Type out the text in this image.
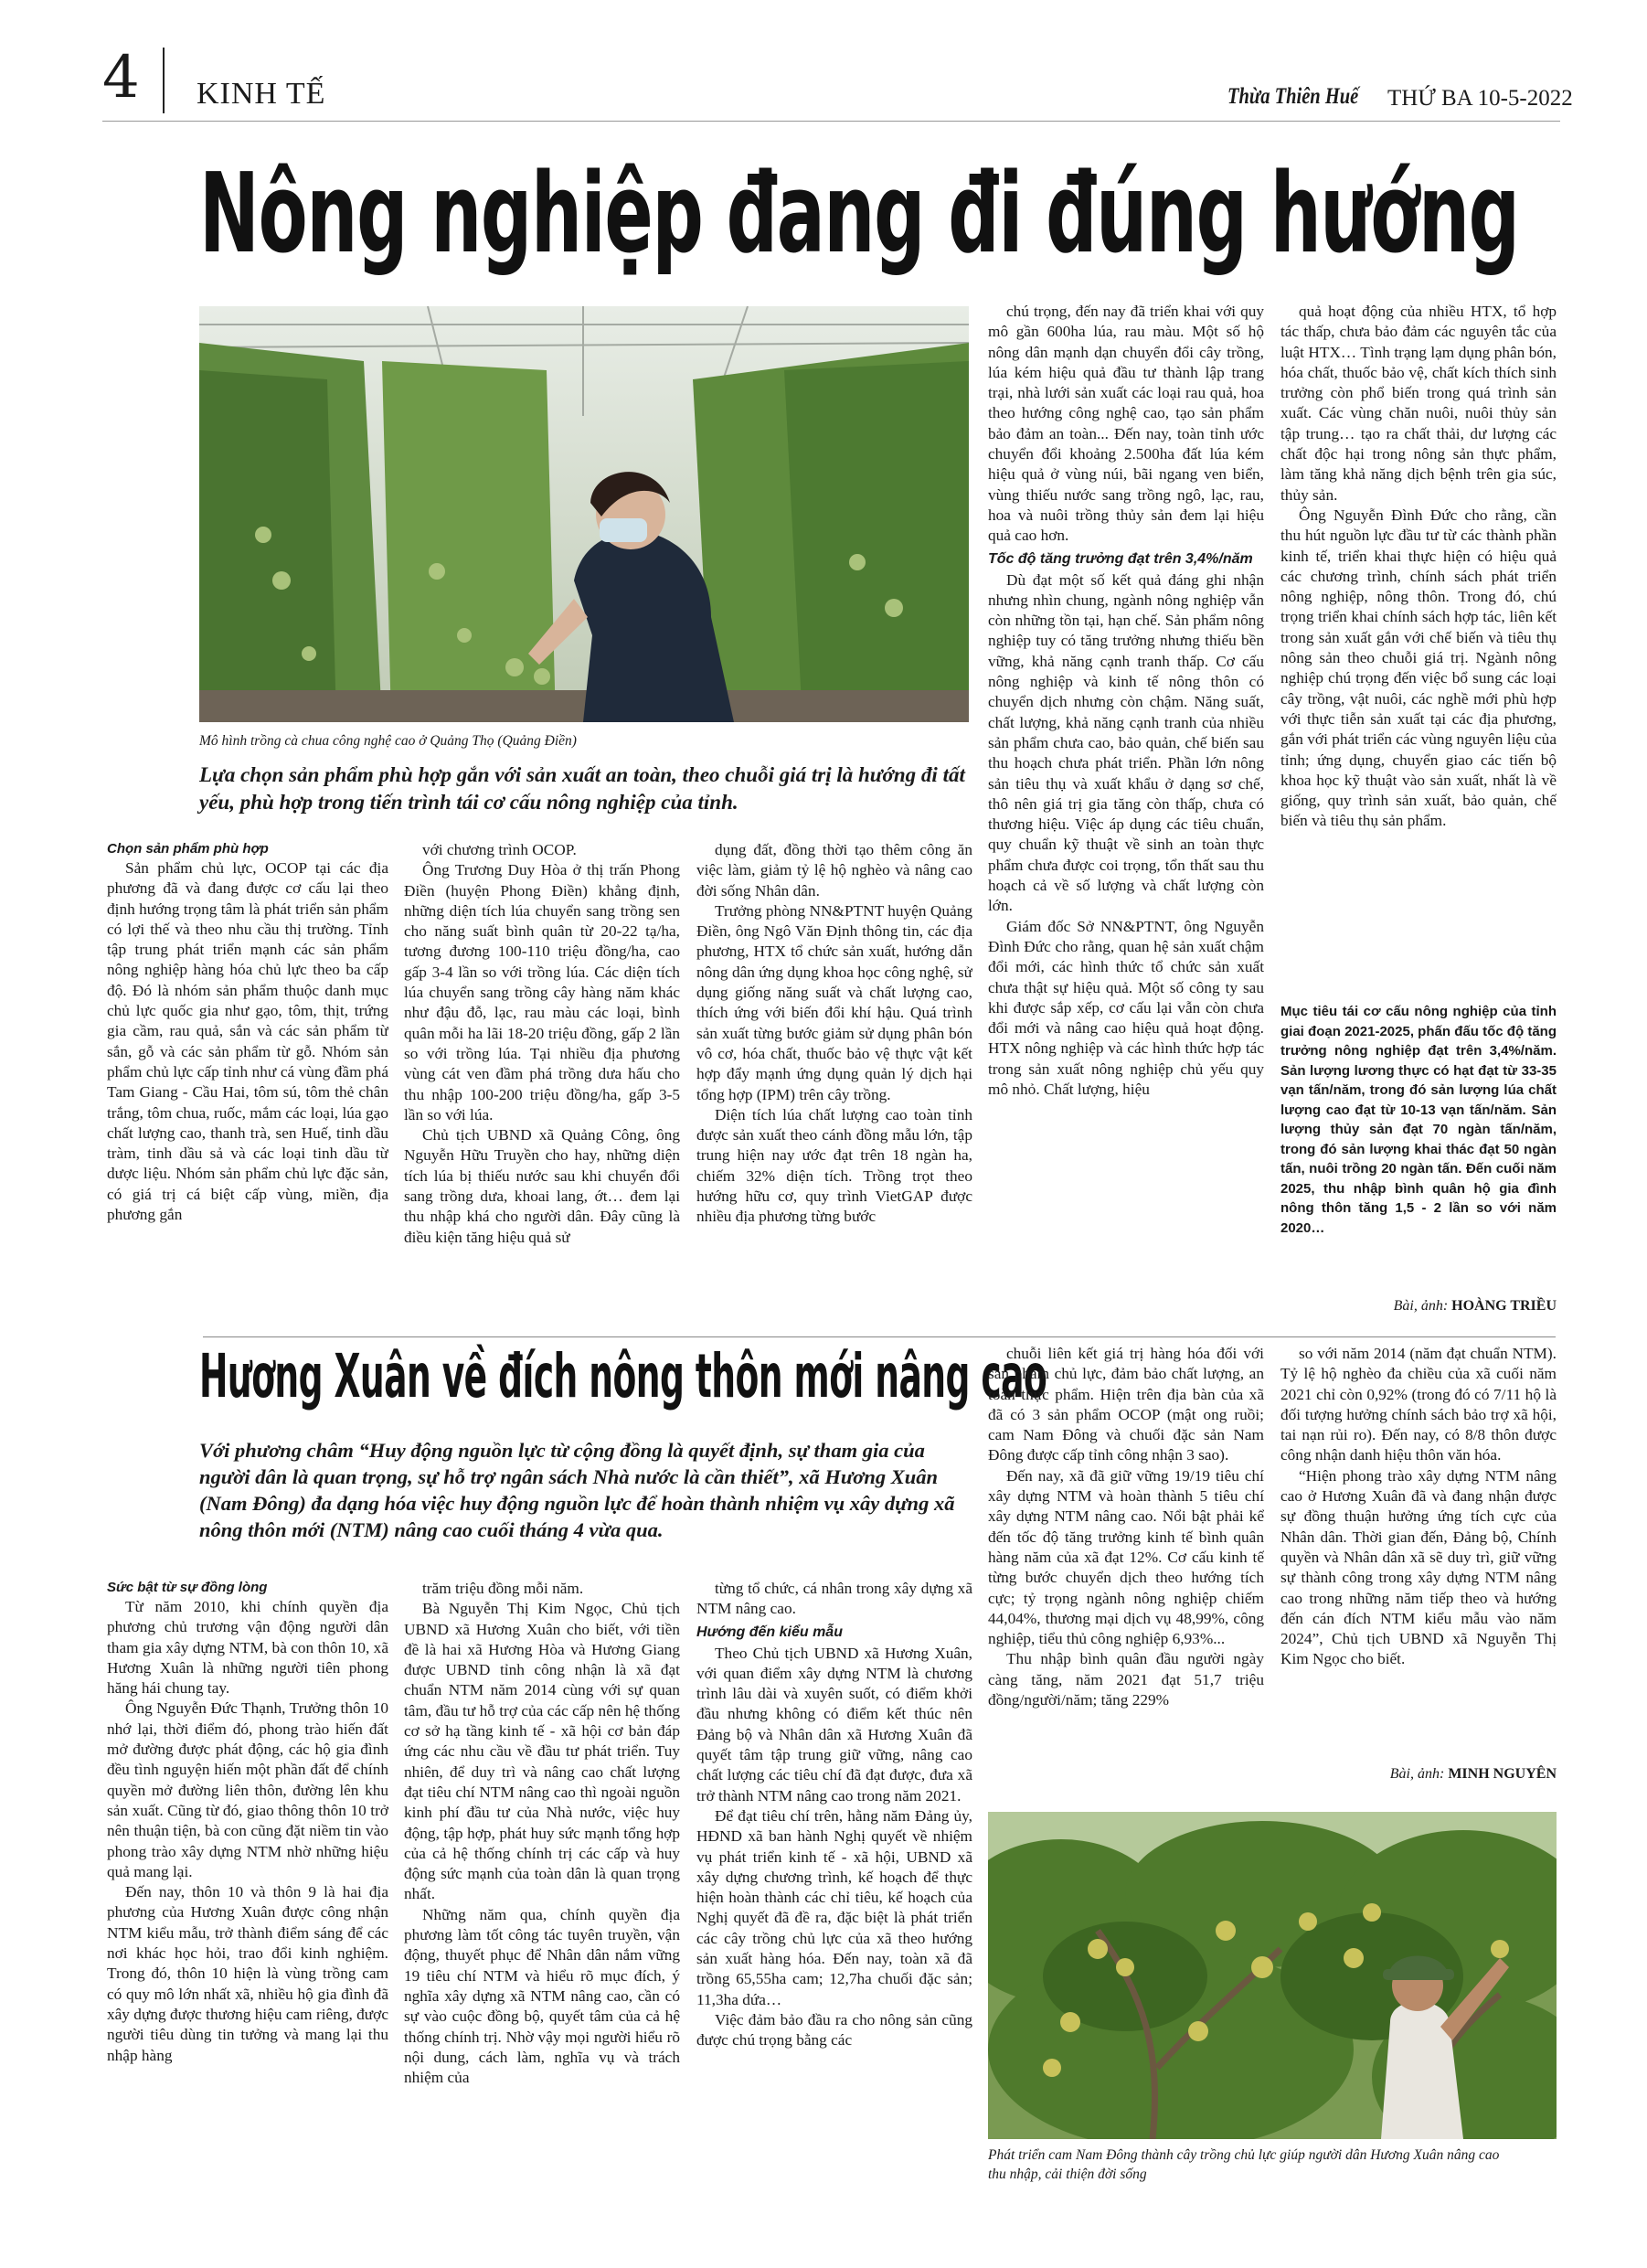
4 KINH TẾ	Thừa Thiên Huế THỨ BA 10-5-2022
Nông nghiệp đang đi đúng hướng
Mô hình trồng cà chua công nghệ cao ở Quảng Thọ (Quảng Điền)
Lựa chọn sản phẩm phù hợp gắn với sản xuất an toàn, theo chuỗi giá trị là hướng đi tất yếu, phù hợp trong tiến trình tái cơ cấu nông nghiệp của tỉnh.
Chọn sản phẩm phù hợp

Sản phẩm chủ lực, OCOP tại các địa phương đã và đang được cơ cấu lại theo định hướng trọng tâm là phát triển sản phẩm có lợi thế và theo nhu cầu thị trường. Tỉnh tập trung phát triển mạnh các sản phẩm nông nghiệp hàng hóa chủ lực theo ba cấp độ. Đó là nhóm sản phẩm thuộc danh mục chủ lực quốc gia như gạo, tôm, thịt, trứng gia cầm, rau quả, sắn và các sản phẩm từ sắn, gỗ và các sản phẩm từ gỗ. Nhóm sản phẩm chủ lực cấp tỉnh như cá vùng đầm phá Tam Giang - Cầu Hai, tôm sú, tôm thẻ chân trắng, tôm chua, ruốc, mắm các loại, lúa gạo chất lượng cao, thanh trà, sen Huế, tinh dầu tràm, tinh dầu sả và các loại tinh dầu từ dược liệu. Nhóm sản phẩm chủ lực đặc sản, có giá trị cá biệt cấp vùng, miền, địa phương gắn

với chương trình OCOP.

Ông Trương Duy Hòa ở thị trấn Phong Điền (huyện Phong Điền) khẳng định, những diện tích lúa chuyển sang trồng sen cho năng suất bình quân từ 20-22 tạ/ha, tương đương 100-110 triệu đồng/ha, cao gấp 3-4 lần so với trồng lúa. Các diện tích lúa chuyển sang trồng cây hàng năm khác như đậu đỗ, lạc, rau màu các loại, bình quân mỗi ha lãi 18-20 triệu đồng, gấp 2 lần so với trồng lúa. Tại nhiều địa phương vùng cát ven đầm phá trồng dưa hấu cho thu nhập 100-200 triệu đồng/ha, gấp 3-5 lần so với lúa.

Chủ tịch UBND xã Quảng Công, ông Nguyễn Hữu Truyền cho hay, những diện tích lúa bị thiếu nước sau khi chuyển đổi sang trồng dưa, khoai lang, ớt… đem lại thu nhập khá cho người dân. Đây cũng là điều kiện tăng hiệu quả sử

dụng đất, đồng thời tạo thêm công ăn việc làm, giảm tỷ lệ hộ nghèo và nâng cao đời sống Nhân dân.

Trưởng phòng NN&PTNT huyện Quảng Điền, ông Ngô Văn Định thông tin, các địa phương, HTX tổ chức sản xuất, hướng dẫn nông dân ứng dụng khoa học công nghệ, sử dụng giống năng suất và chất lượng cao, thích ứng với biến đổi khí hậu. Quá trình sản xuất từng bước giảm sử dụng phân bón vô cơ, hóa chất, thuốc bảo vệ thực vật kết hợp đẩy mạnh ứng dụng quản lý dịch hại tổng hợp (IPM) trên cây trồng.

Diện tích lúa chất lượng cao toàn tỉnh được sản xuất theo cánh đồng mẫu lớn, tập trung hiện nay ước đạt trên 18 ngàn ha, chiếm 32% diện tích. Trồng trọt theo hướng hữu cơ, quy trình VietGAP được nhiều địa phương từng bước

chú trọng, đến nay đã triển khai với quy mô gần 600ha lúa, rau màu. Một số hộ nông dân mạnh dạn chuyển đổi cây trồng, lúa kém hiệu quả đầu tư thành lập trang trại, nhà lưới sản xuất các loại rau quả, hoa theo hướng công nghệ cao, tạo sản phẩm bảo đảm an toàn... Đến nay, toàn tỉnh ước chuyển đổi khoảng 2.500ha đất lúa kém hiệu quả ở vùng núi, bãi ngang ven biển, vùng thiếu nước sang trồng ngô, lạc, rau, hoa và nuôi trồng thủy sản đem lại hiệu quả cao hơn.

Tốc độ tăng trưởng đạt trên 3,4%/năm

Dù đạt một số kết quả đáng ghi nhận nhưng nhìn chung, ngành nông nghiệp vẫn còn những tồn tại, hạn chế. Sản phẩm nông nghiệp tuy có tăng trưởng nhưng thiếu bền vững, khả năng cạnh tranh thấp. Cơ cấu nông nghiệp và kinh tế nông thôn có chuyển dịch nhưng còn chậm. Năng suất, chất lượng, khả năng cạnh tranh của nhiều sản phẩm chưa cao, bảo quản, chế biến sau thu hoạch chưa phát triển. Phần lớn nông sản tiêu thụ và xuất khẩu ở dạng sơ chế, thô nên giá trị gia tăng còn thấp, chưa có thương hiệu. Việc áp dụng các tiêu chuẩn, quy chuẩn kỹ thuật về sinh an toàn thực phẩm chưa được coi trọng, tổn thất sau thu hoạch cả về số lượng và chất lượng còn lớn.

Giám đốc Sở NN&PTNT, ông Nguyễn Đình Đức cho rằng, quan hệ sản xuất chậm đổi mới, các hình thức tổ chức sản xuất chưa thật sự hiệu quả. Một số công ty sau khi được sắp xếp, cơ cấu lại vẫn còn chưa đổi mới và nâng cao hiệu quả hoạt động. HTX nông nghiệp và các hình thức hợp tác trong sản xuất nông nghiệp chủ yếu quy mô nhỏ. Chất lượng, hiệu

quả hoạt động của nhiều HTX, tổ hợp tác thấp, chưa bảo đảm các nguyên tắc của luật HTX… Tình trạng lạm dụng phân bón, hóa chất, thuốc bảo vệ, chất kích thích sinh trưởng còn phổ biến trong quá trình sản xuất. Các vùng chăn nuôi, nuôi thủy sản tập trung… tạo ra chất thải, dư lượng các chất độc hại trong nông sản thực phẩm, làm tăng khả năng dịch bệnh trên gia súc, thủy sản.

Ông Nguyễn Đình Đức cho rằng, cần thu hút nguồn lực đầu tư từ các thành phần kinh tế, triển khai thực hiện có hiệu quả các chương trình, chính sách phát triển nông nghiệp, nông thôn. Trong đó, chú trọng triển khai chính sách hợp tác, liên kết trong sản xuất gắn với chế biến và tiêu thụ nông sản theo chuỗi giá trị. Ngành nông nghiệp chú trọng đến việc bổ sung các loại cây trồng, vật nuôi, các nghề mới phù hợp với thực tiễn sản xuất tại các địa phương, gắn với phát triển các vùng nguyên liệu của tỉnh; ứng dụng, chuyển giao các tiến bộ khoa học kỹ thuật vào sản xuất, nhất là về giống, quy trình sản xuất, bảo quản, chế biến và tiêu thụ sản phẩm.

Mục tiêu tái cơ cấu nông nghiệp của tỉnh giai đoạn 2021-2025, phấn đấu tốc độ tăng trưởng nông nghiệp đạt trên 3,4%/năm. Sản lượng lương thực có hạt đạt từ 33-35 vạn tấn/năm, trong đó sản lượng lúa chất lượng cao đạt từ 10-13 vạn tấn/năm. Sản lượng thủy sản đạt 70 ngàn tấn/năm, trong đó sản lượng khai thác đạt 50 ngàn tấn, nuôi trồng 20 ngàn tấn. Đến cuối năm 2025, thu nhập bình quân hộ gia đình nông thôn tăng 1,5 - 2 lần so với năm 2020…
Bài, ảnh: HOÀNG TRIỀU
Hương Xuân về đích nông thôn mới nâng cao
Với phương châm “Huy động nguồn lực từ cộng đồng là quyết định, sự tham gia của người dân là quan trọng, sự hỗ trợ ngân sách Nhà nước là cần thiết”, xã Hương Xuân (Nam Đông) đa dạng hóa việc huy động nguồn lực để hoàn thành nhiệm vụ xây dựng xã nông thôn mới (NTM) nâng cao cuối tháng 4 vừa qua.
Sức bật từ sự đồng lòng

Từ năm 2010, khi chính quyền địa phương chủ trương vận động người dân tham gia xây dựng NTM, bà con thôn 10, xã Hương Xuân là những người tiên phong hăng hái chung tay.

Ông Nguyễn Đức Thạnh, Trưởng thôn 10 nhớ lại, thời điểm đó, phong trào hiến đất mở đường được phát động, các hộ gia đình đều tình nguyện hiến một phần đất để chính quyền mở đường liên thôn, đường lên khu sản xuất. Cũng từ đó, giao thông thôn 10 trở nên thuận tiện, bà con cũng đặt niềm tin vào phong trào xây dựng NTM nhờ những hiệu quả mang lại.

Đến nay, thôn 10 và thôn 9 là hai địa phương của Hương Xuân được công nhận NTM kiểu mẫu, trở thành điểm sáng để các nơi khác học hỏi, trao đổi kinh nghiệm. Trong đó, thôn 10 hiện là vùng trồng cam có quy mô lớn nhất xã, nhiều hộ gia đình đã xây dựng được thương hiệu cam riêng, được người tiêu dùng tin tưởng và mang lại thu nhập hàng

trăm triệu đồng mỗi năm.

Bà Nguyễn Thị Kim Ngọc, Chủ tịch UBND xã Hương Xuân cho biết, với tiền đề là hai xã Hương Hòa và Hương Giang được UBND tỉnh công nhận là xã đạt chuẩn NTM năm 2014 cùng với sự quan tâm, đầu tư hỗ trợ của các cấp nên hệ thống cơ sở hạ tầng kinh tế - xã hội cơ bản đáp ứng các nhu cầu về đầu tư phát triển. Tuy nhiên, để duy trì và nâng cao chất lượng đạt tiêu chí NTM nâng cao thì ngoài nguồn kinh phí đầu tư của Nhà nước, việc huy động, tập hợp, phát huy sức mạnh tổng hợp của cả hệ thống chính trị các cấp và huy động sức mạnh của toàn dân là quan trọng nhất.

Những năm qua, chính quyền địa phương làm tốt công tác tuyên truyền, vận động, thuyết phục để Nhân dân nắm vững 19 tiêu chí NTM và hiểu rõ mục đích, ý nghĩa xây dựng xã NTM nâng cao, cần có sự vào cuộc đồng bộ, quyết tâm của cả hệ thống chính trị. Nhờ vậy mọi người hiểu rõ nội dung, cách làm, nghĩa vụ và trách nhiệm của

từng tổ chức, cá nhân trong xây dựng xã NTM nâng cao.

Hướng đến kiểu mẫu

Theo Chủ tịch UBND xã Hương Xuân, với quan điểm xây dựng NTM là chương trình lâu dài và xuyên suốt, có điểm khởi đầu nhưng không có điểm kết thúc nên Đảng bộ và Nhân dân xã Hương Xuân đã quyết tâm tập trung giữ vững, nâng cao chất lượng các tiêu chí đã đạt được, đưa xã trở thành NTM nâng cao trong năm 2021.

Để đạt tiêu chí trên, hằng năm Đảng ủy, HĐND xã ban hành Nghị quyết về nhiệm vụ phát triển kinh tế - xã hội, UBND xã xây dựng chương trình, kế hoạch để thực hiện hoàn thành các chỉ tiêu, kế hoạch của Nghị quyết đã đề ra, đặc biệt là phát triển các cây trồng chủ lực của xã theo hướng sản xuất hàng hóa. Đến nay, toàn xã đã trồng 65,55ha cam; 12,7ha chuối đặc sản; 11,3ha dứa…

Việc đảm bảo đầu ra cho nông sản cũng được chú trọng bằng các

chuỗi liên kết giá trị hàng hóa đối với sản phẩm chủ lực, đảm bảo chất lượng, an toàn thực phẩm. Hiện trên địa bàn của xã đã có 3 sản phẩm OCOP (mật ong ruồi; cam Nam Đông và chuối đặc sản Nam Đông được cấp tỉnh công nhận 3 sao).

Đến nay, xã đã giữ vững 19/19 tiêu chí xây dựng NTM và hoàn thành 5 tiêu chí xây dựng NTM nâng cao. Nổi bật phải kể đến tốc độ tăng trưởng kinh tế bình quân hàng năm của xã đạt 12%. Cơ cấu kinh tế từng bước chuyển dịch theo hướng tích cực; tỷ trọng ngành nông nghiệp chiếm 44,04%, thương mại dịch vụ 48,99%, công nghiệp, tiểu thủ công nghiệp 6,93%...

Thu nhập bình quân đầu người ngày càng tăng, năm 2021 đạt 51,7 triệu đồng/người/năm; tăng 229%

so với năm 2014 (năm đạt chuẩn NTM). Tỷ lệ hộ nghèo đa chiều của xã cuối năm 2021 chỉ còn 0,92% (trong đó có 7/11 hộ là đối tượng hưởng chính sách bảo trợ xã hội, tai nạn rủi ro). Đến nay, có 8/8 thôn được công nhận danh hiệu thôn văn hóa.

“Hiện phong trào xây dựng NTM nâng cao ở Hương Xuân đã và đang nhận được sự đồng thuận hưởng ứng tích cực của Nhân dân. Thời gian đến, Đảng bộ, Chính quyền và Nhân dân xã sẽ duy trì, giữ vững sự thành công trong xây dựng NTM nâng cao trong những năm tiếp theo và hướng đến cán đích NTM kiểu mẫu vào năm 2024”, Chủ tịch UBND xã Nguyễn Thị Kim Ngọc cho biết.

Bài, ảnh: MINH NGUYÊN
Phát triển cam Nam Đông thành cây trồng chủ lực giúp người dân Hương Xuân nâng cao thu nhập, cải thiện đời sống
